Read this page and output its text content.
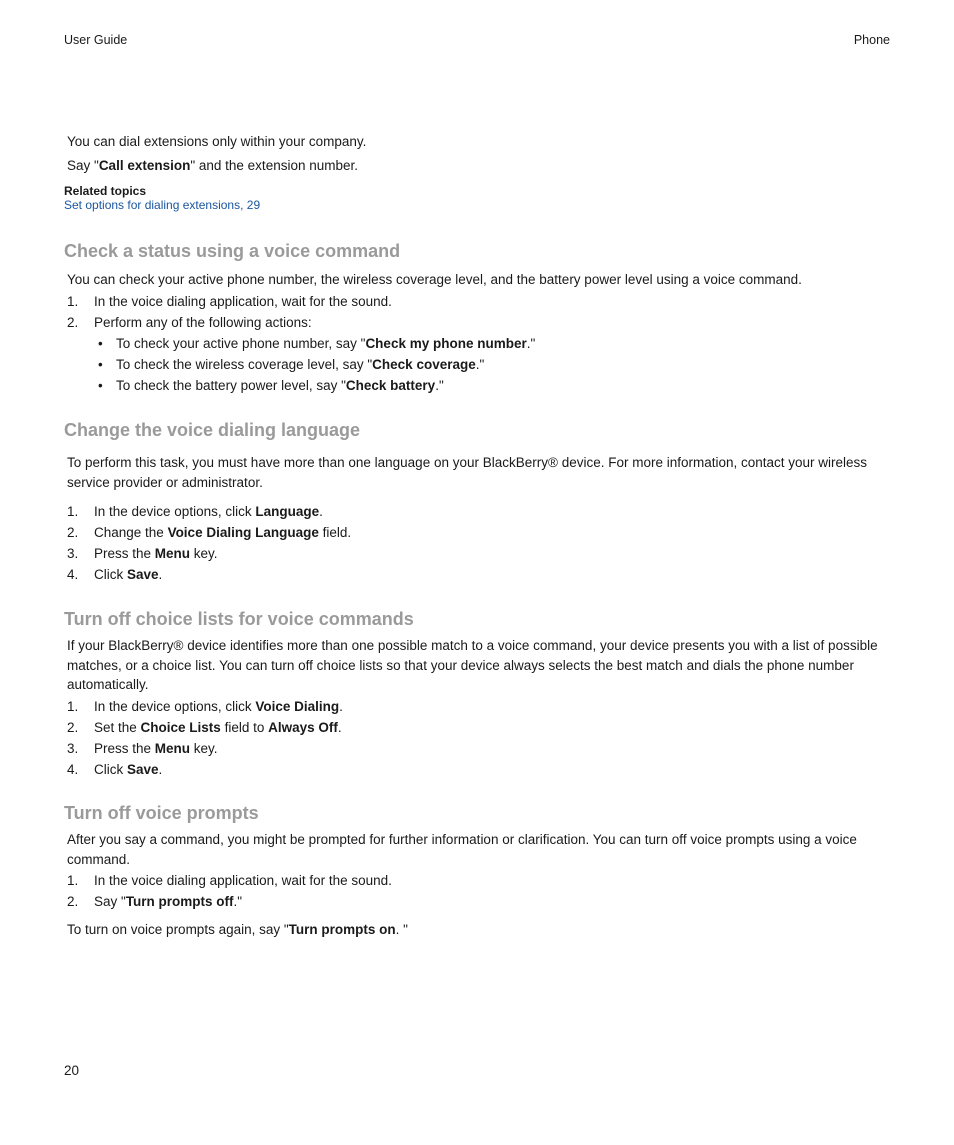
User Guide	Phone

You can dial extensions only within your company.

Say "Call extension" and the extension number.

Related topics
Set options for dialing extensions, 29
Check a status using a voice command

You can check your active phone number, the wireless coverage level, and the battery power level using a voice command.

1. In the voice dialing application, wait for the sound.
2. Perform any of the following actions:
• To check your active phone number, say "Check my phone number."
• To check the wireless coverage level, say "Check coverage."
• To check the battery power level, say "Check battery."
Change the voice dialing language

To perform this task, you must have more than one language on your BlackBerry® device. For more information, contact your wireless service provider or administrator.

1. In the device options, click Language.
2. Change the Voice Dialing Language field.
3. Press the Menu key.
4. Click Save.
Turn off choice lists for voice commands

If your BlackBerry® device identifies more than one possible match to a voice command, your device presents you with a list of possible matches, or a choice list. You can turn off choice lists so that your device always selects the best match and dials the phone number automatically.

1. In the device options, click Voice Dialing.
2. Set the Choice Lists field to Always Off.
3. Press the Menu key.
4. Click Save.
Turn off voice prompts

After you say a command, you might be prompted for further information or clarification. You can turn off voice prompts using a voice command.

1. In the voice dialing application, wait for the sound.
2. Say "Turn prompts off."

To turn on voice prompts again, say "Turn prompts on. "

20
